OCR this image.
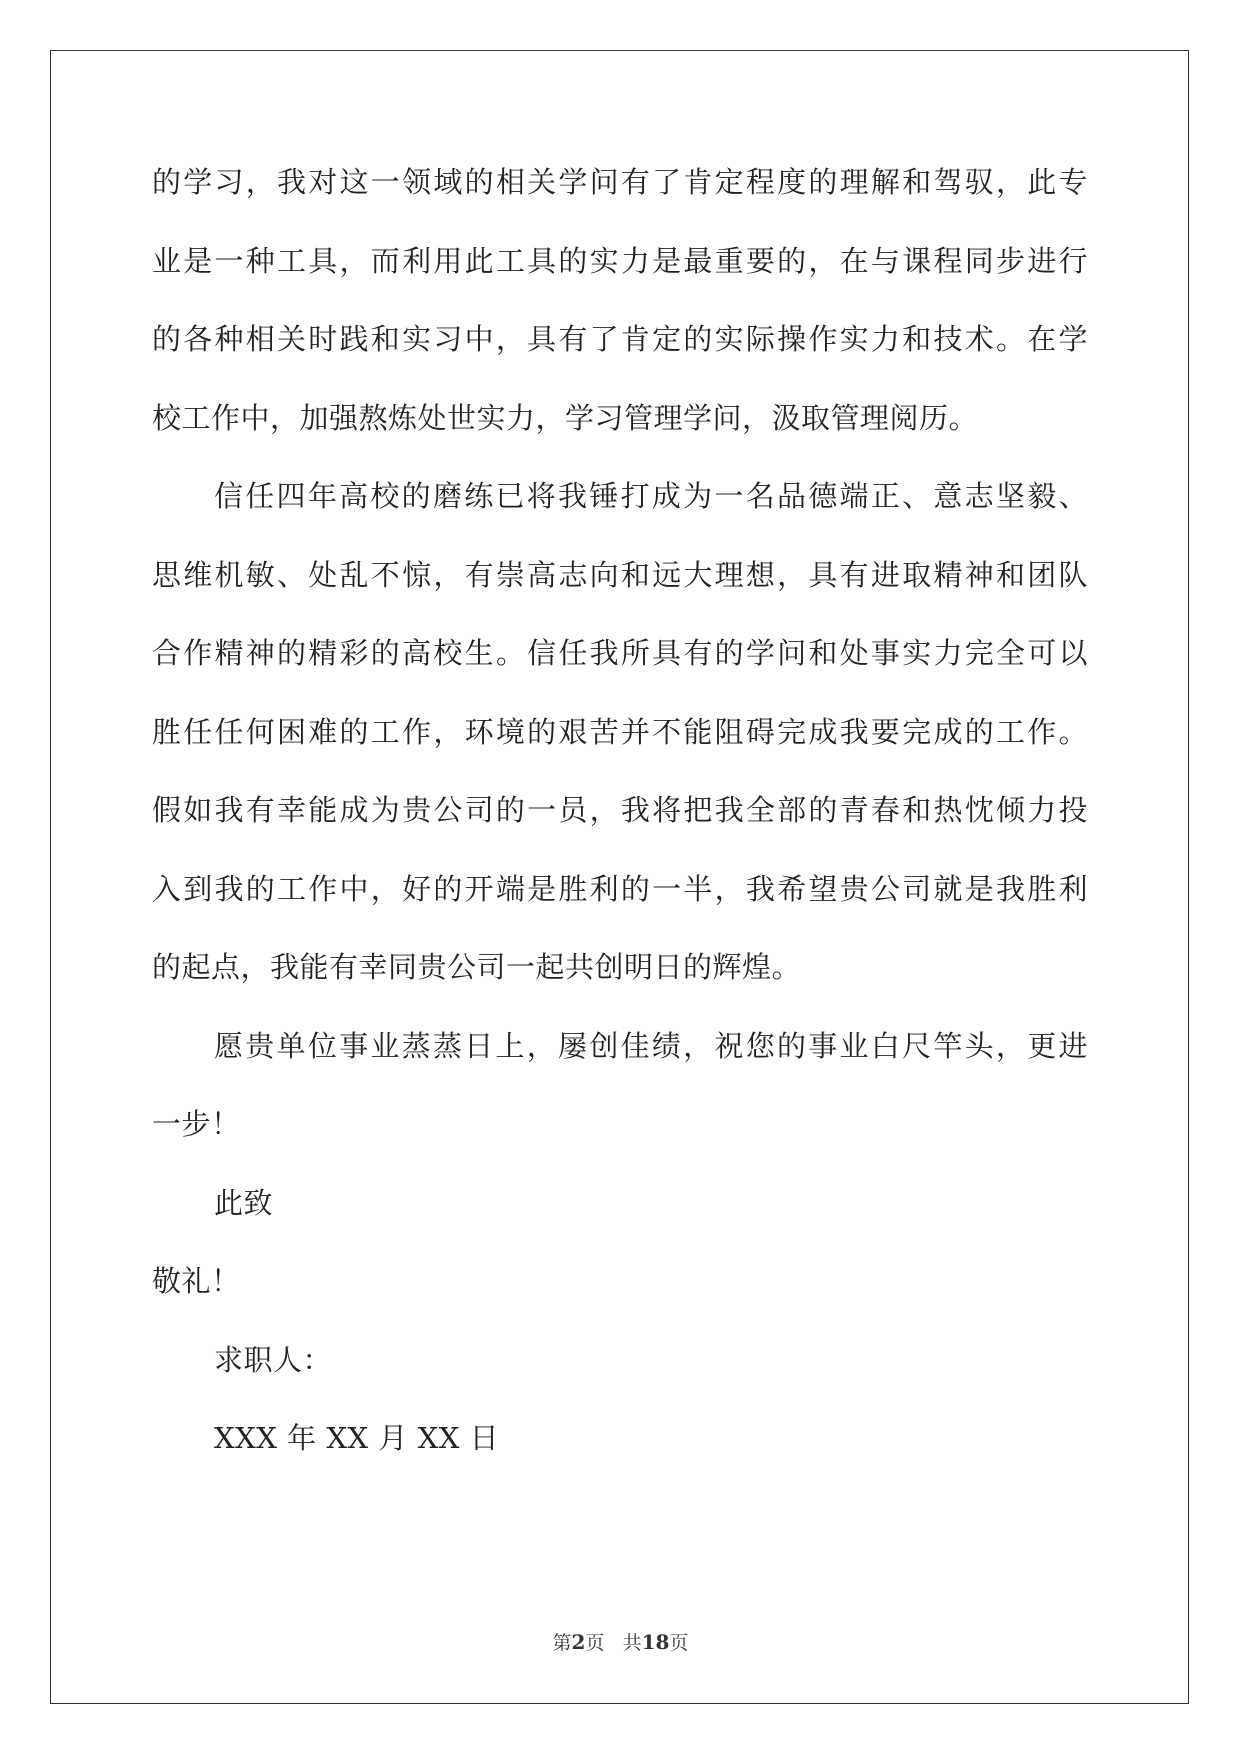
的学习，我对这一领域的相关学问有了肯定程度的理解和驾驭，此专
业是一种工具，而利用此工具的实力是最重要的，在与课程同步进行
的各种相关时践和实习中，具有了肯定的实际操作实力和技术。在学
校工作中，加强熬炼处世实力，学习管理学问，汲取管理阅历。
信任四年高校的磨练已将我锤打成为一名品德端正、意志坚毅、
思维机敏、处乱不惊，有崇高志向和远大理想，具有进取精神和团队
合作精神的精彩的高校生。信任我所具有的学问和处事实力完全可以
胜任任何困难的工作，环境的艰苦并不能阻碍完成我要完成的工作。
假如我有幸能成为贵公司的一员，我将把我全部的青春和热忱倾力投
入到我的工作中，好的开端是胜利的一半，我希望贵公司就是我胜利
的起点，我能有幸同贵公司一起共创明日的辉煌。
愿贵单位事业蒸蒸日上，屡创佳绩，祝您的事业白尺竿头，更进
一步！
此致
敬礼！
求职人：
XXX 年 XX 月 XX 日
第2页 共18页
